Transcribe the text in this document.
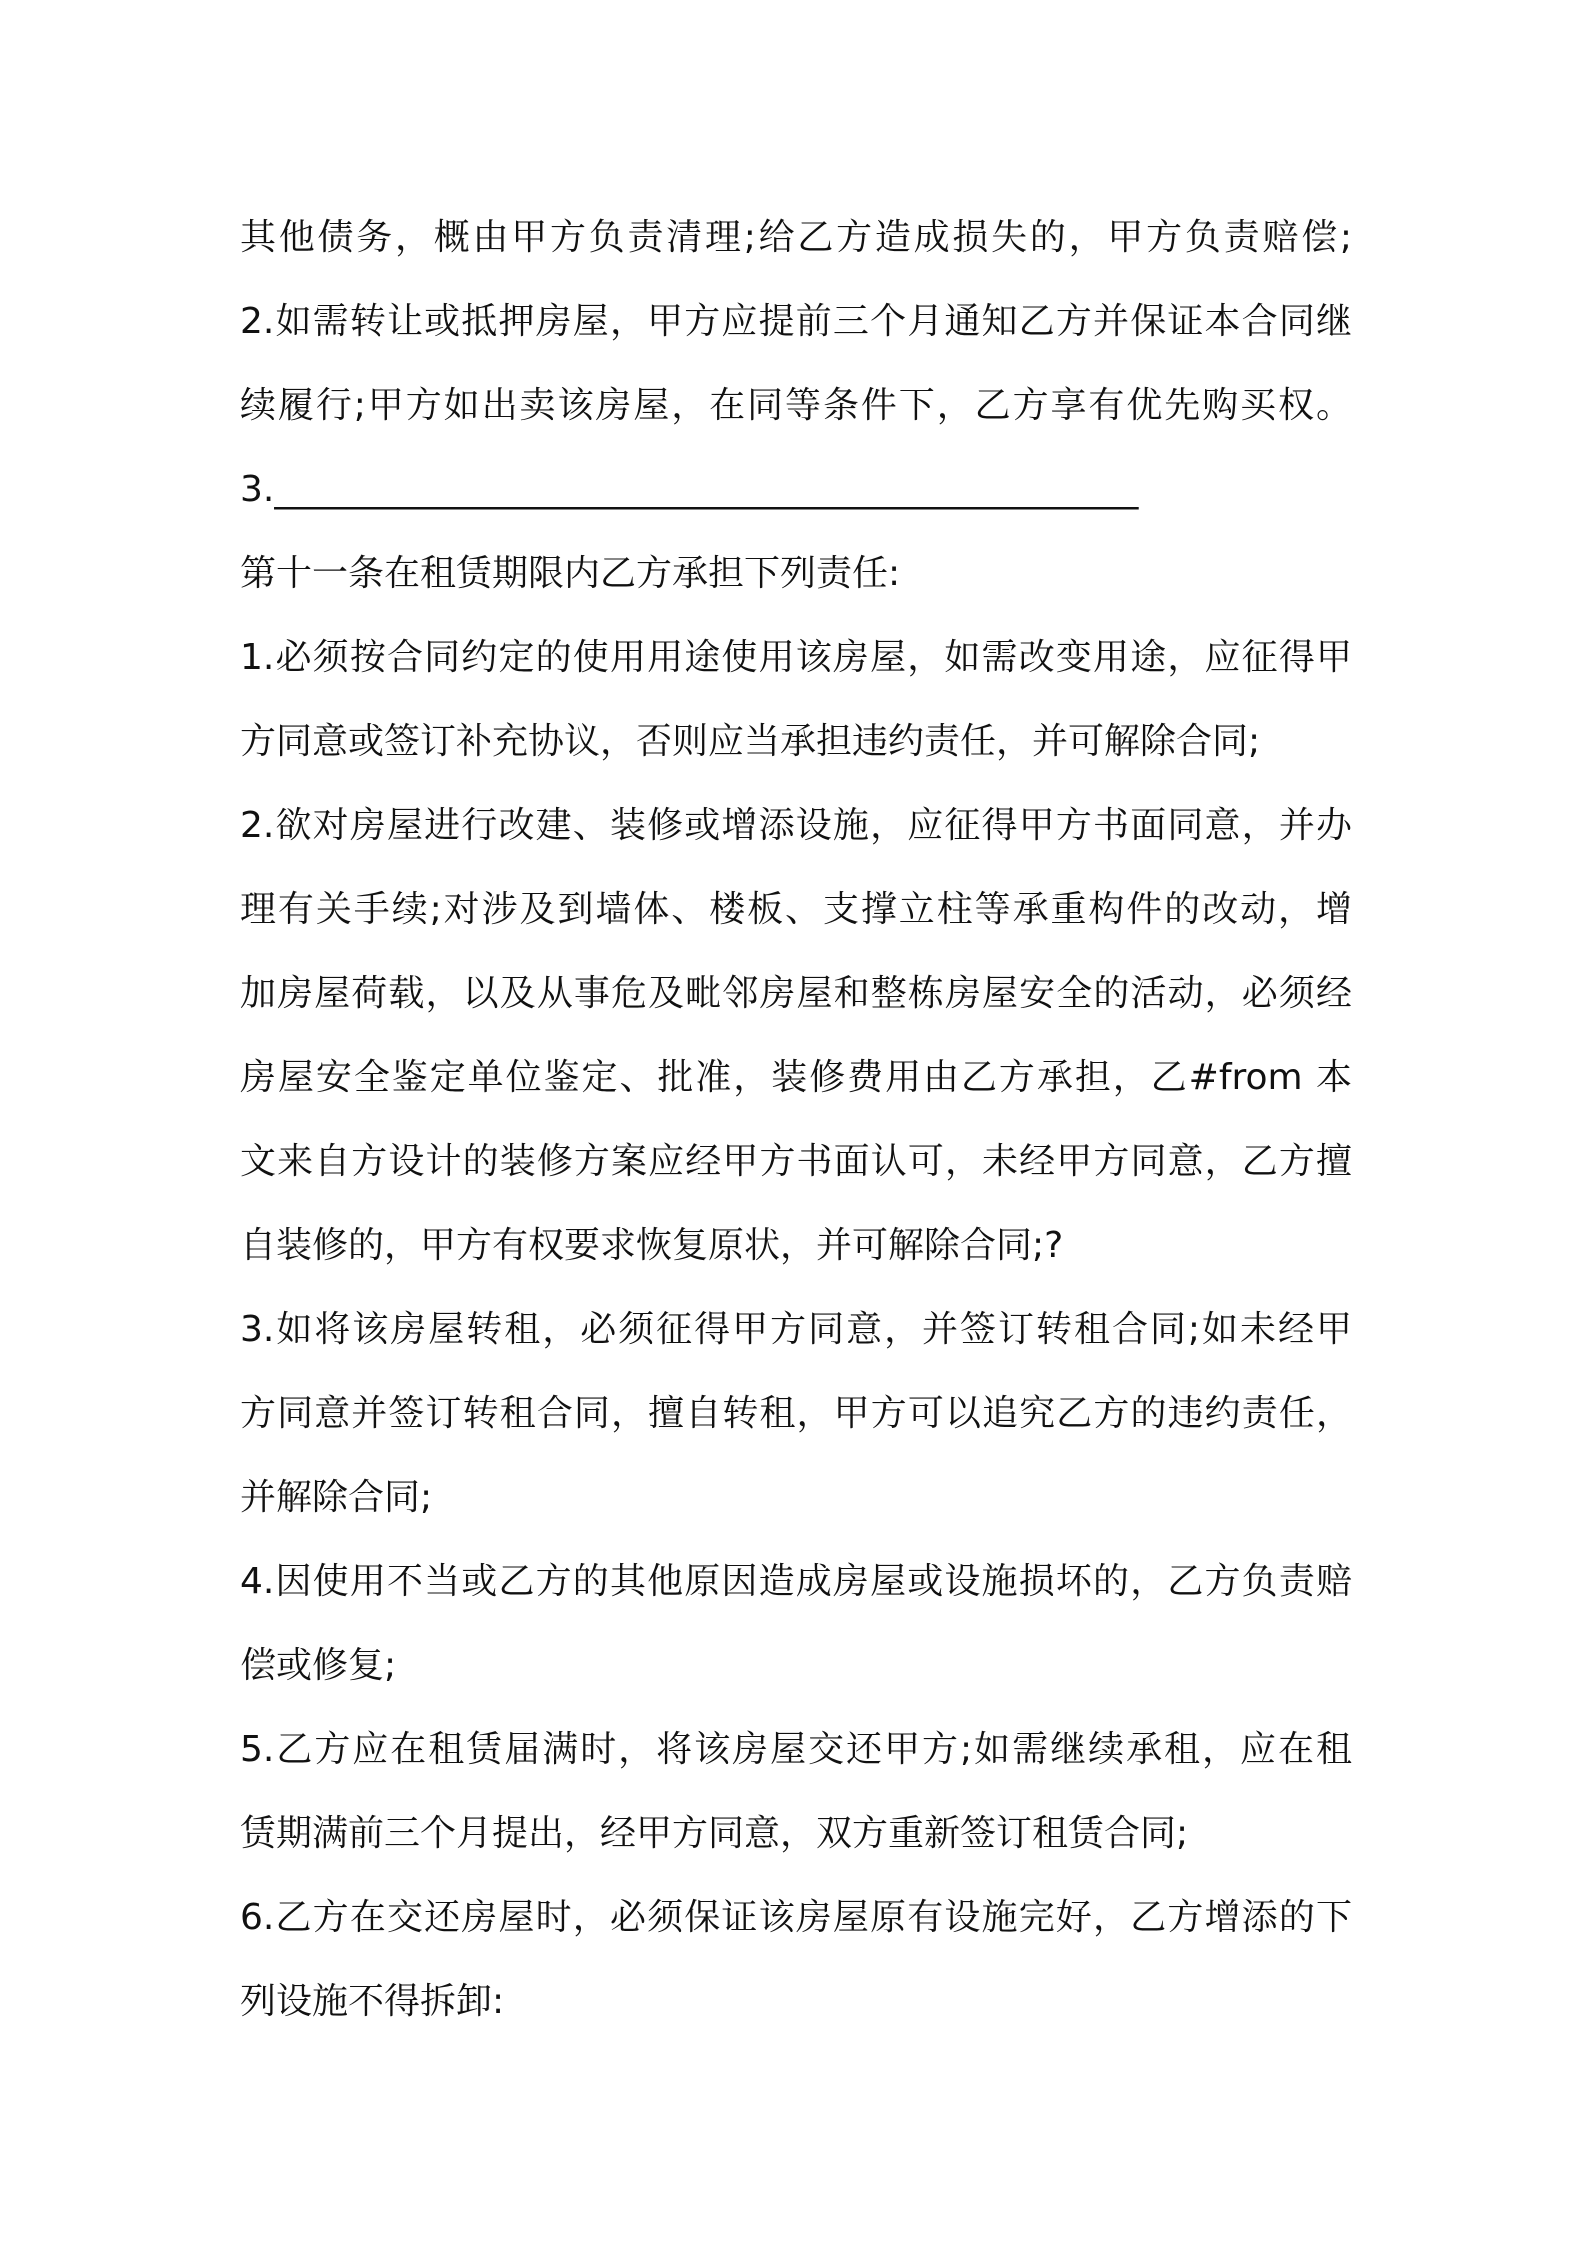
其他债务，概由甲方负责清理;给乙方造成损失的，甲方负责赔偿;
2.如需转让或抵押房屋，甲方应提前三个月通知乙方并保证本合同继
续履行;甲方如出卖该房屋，在同等条件下，乙方享有优先购买权。
3.________________________________________________
第十一条在租赁期限内乙方承担下列责任:
1.必须按合同约定的使用用途使用该房屋，如需改变用途，应征得甲
方同意或签订补充协议，否则应当承担违约责任，并可解除合同;
2.欲对房屋进行改建、装修或增添设施，应征得甲方书面同意，并办
理有关手续;对涉及到墙体、楼板、支撑立柱等承重构件的改动，增
加房屋荷载，以及从事危及毗邻房屋和整栋房屋安全的活动，必须经
房屋安全鉴定单位鉴定、批准，装修费用由乙方承担，乙#from 本
文来自方设计的装修方案应经甲方书面认可，未经甲方同意，乙方擅
自装修的，甲方有权要求恢复原状，并可解除合同;?
3.如将该房屋转租，必须征得甲方同意，并签订转租合同;如未经甲
方同意并签订转租合同，擅自转租，甲方可以追究乙方的违约责任，
并解除合同;
4.因使用不当或乙方的其他原因造成房屋或设施损坏的，乙方负责赔
偿或修复;
5.乙方应在租赁届满时，将该房屋交还甲方;如需继续承租，应在租
赁期满前三个月提出，经甲方同意，双方重新签订租赁合同;
6.乙方在交还房屋时，必须保证该房屋原有设施完好，乙方增添的下
列设施不得拆卸:
